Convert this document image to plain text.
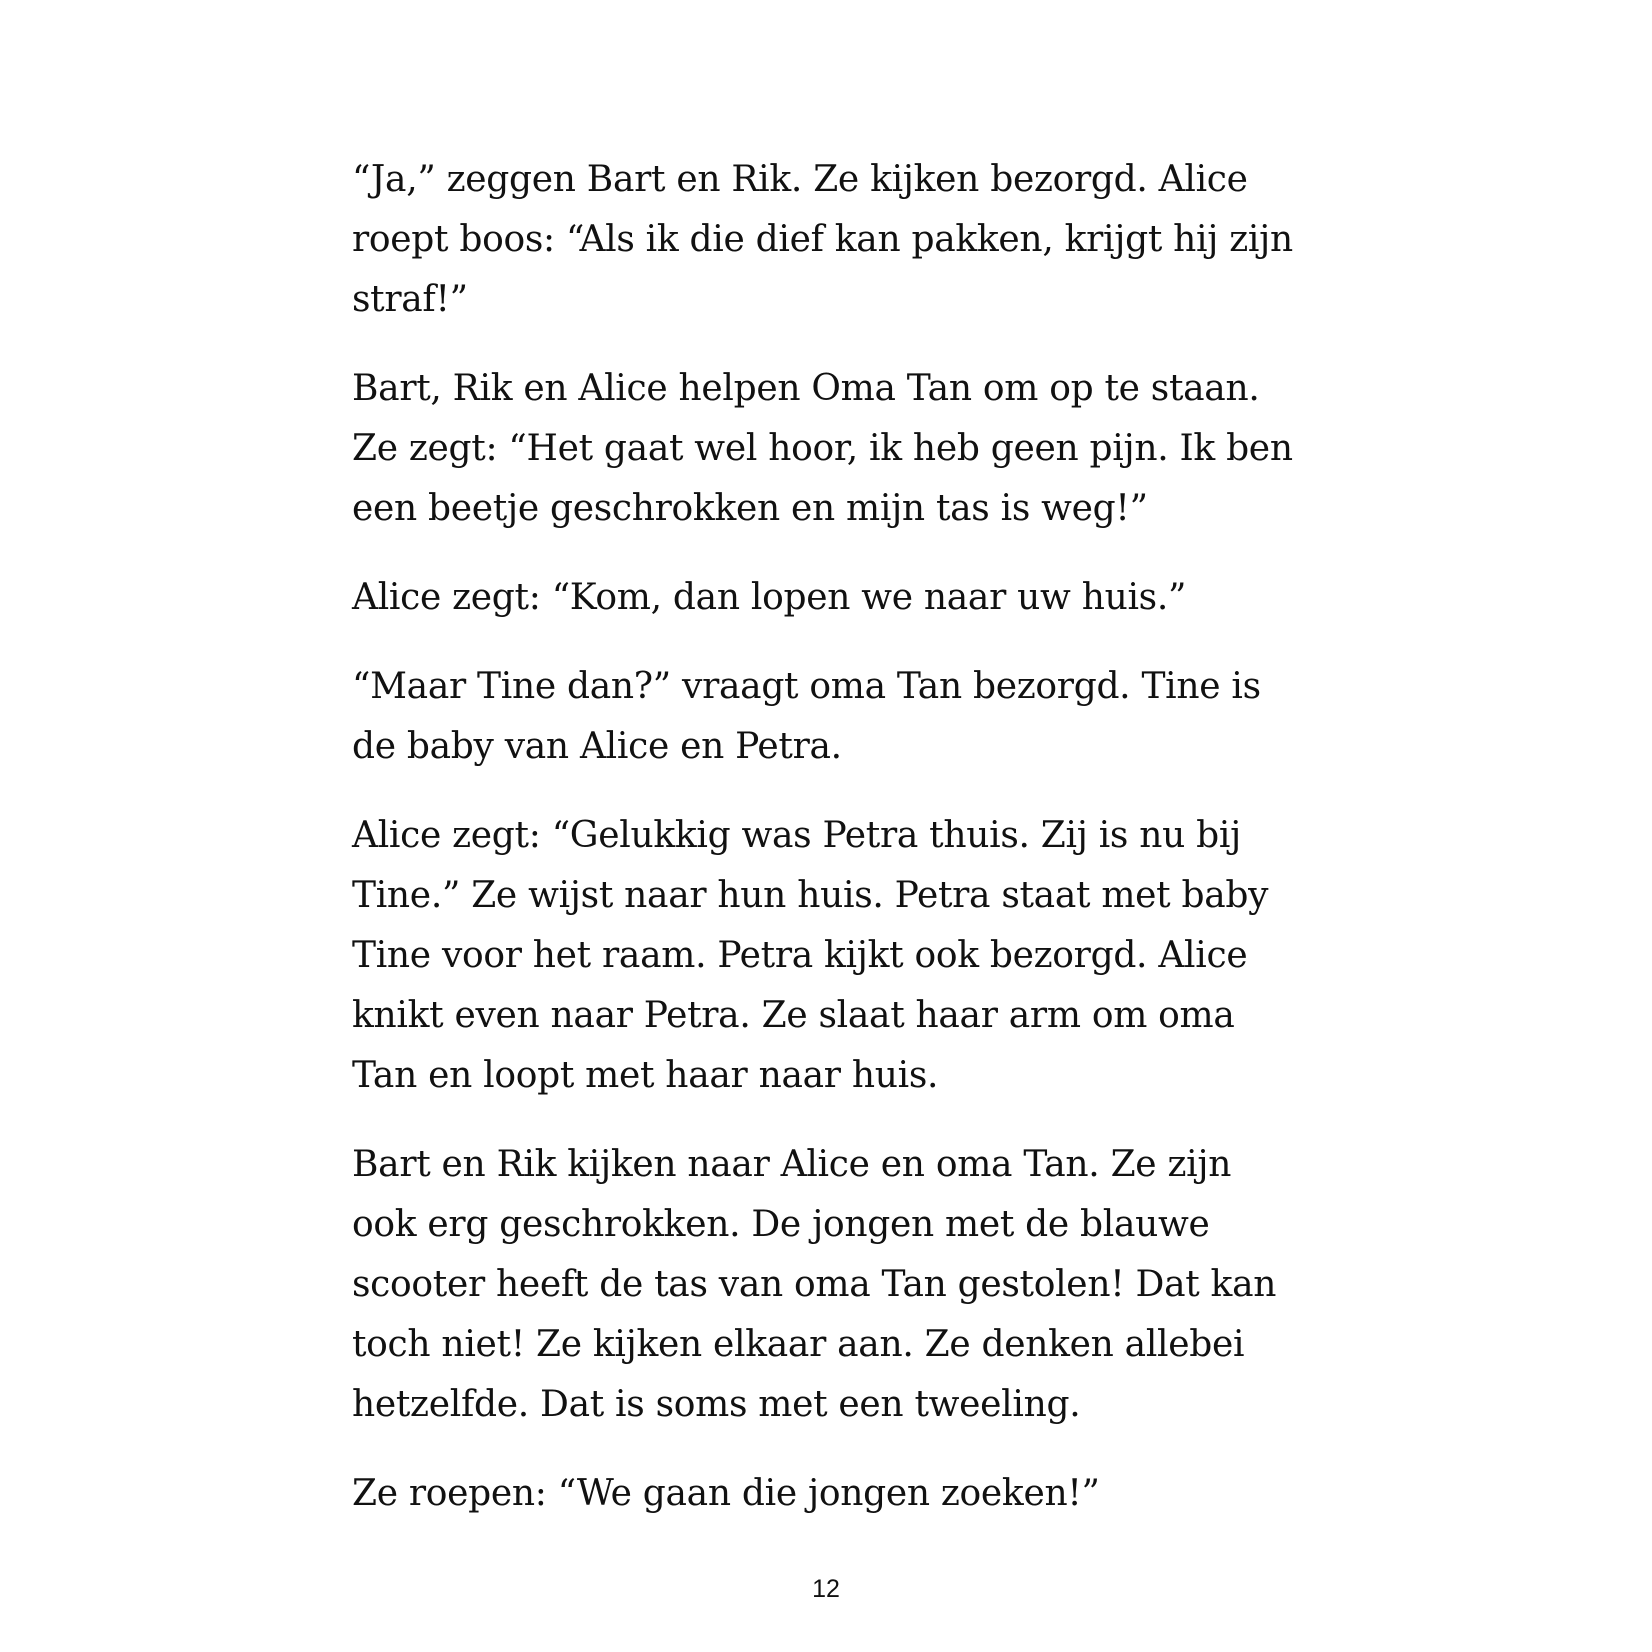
“Ja,” zeggen Bart en Rik. Ze kijken bezorgd. Alice
roept boos: “Als ik die dief kan pakken, krijgt hij zijn
straf!”

Bart, Rik en Alice helpen Oma Tan om op te staan.
Ze zegt: “Het gaat wel hoor, ik heb geen pijn. Ik ben
een beetje geschrokken en mijn tas is weg!”

Alice zegt: “Kom, dan lopen we naar uw huis.”

“Maar Tine dan?” vraagt oma Tan bezorgd. Tine is
de baby van Alice en Petra.

Alice zegt: “Gelukkig was Petra thuis. Zij is nu bij
Tine.” Ze wijst naar hun huis. Petra staat met baby
Tine voor het raam. Petra kijkt ook bezorgd. Alice
knikt even naar Petra. Ze slaat haar arm om oma
Tan en loopt met haar naar huis.

Bart en Rik kijken naar Alice en oma Tan. Ze zijn
ook erg geschrokken. De jongen met de blauwe
scooter heeft de tas van oma Tan gestolen! Dat kan
toch niet! Ze kijken elkaar aan. Ze denken allebei
hetzelfde. Dat is soms met een tweeling.

Ze roepen: “We gaan die jongen zoeken!”

12
